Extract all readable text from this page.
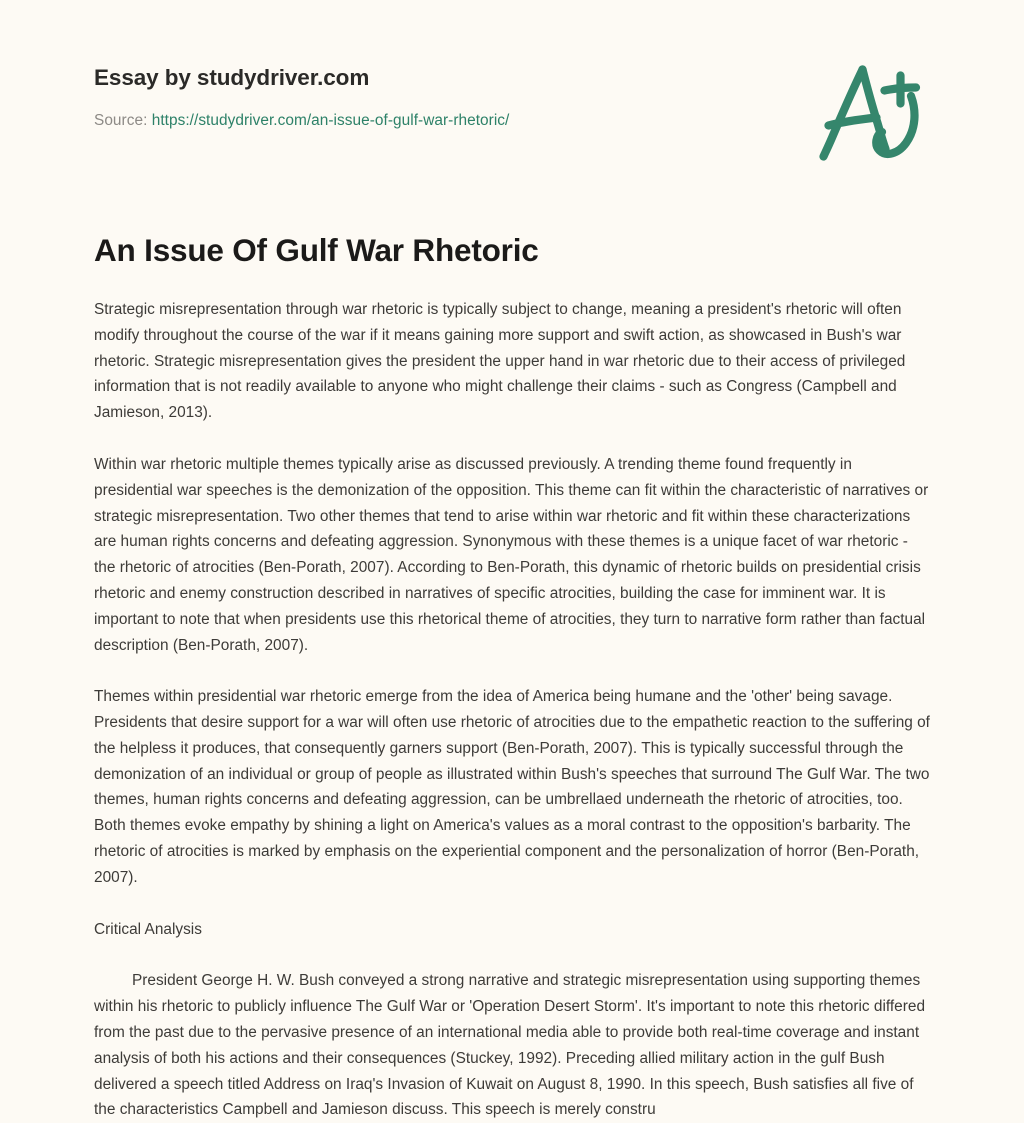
Essay by studydriver.com
Source: https://studydriver.com/an-issue-of-gulf-war-rhetoric/
An Issue Of Gulf War Rhetoric

Strategic misrepresentation through war rhetoric is typically subject to change, meaning a president's rhetoric will often modify throughout the course of the war if it means gaining more support and swift action, as showcased in Bush's war rhetoric. Strategic misrepresentation gives the president the upper hand in war rhetoric due to their access of privileged information that is not readily available to anyone who might challenge their claims - such as Congress (Campbell and Jamieson, 2013).

Within war rhetoric multiple themes typically arise as discussed previously. A trending theme found frequently in presidential war speeches is the demonization of the opposition. This theme can fit within the characteristic of narratives or strategic misrepresentation. Two other themes that tend to arise within war rhetoric and fit within these characterizations are human rights concerns and defeating aggression. Synonymous with these themes is a unique facet of war rhetoric - the rhetoric of atrocities (Ben-Porath, 2007). According to Ben-Porath, this dynamic of rhetoric builds on presidential crisis rhetoric and enemy construction described in narratives of specific atrocities, building the case for imminent war. It is important to note that when presidents use this rhetorical theme of atrocities, they turn to narrative form rather than factual description (Ben-Porath, 2007).

Themes within presidential war rhetoric emerge from the idea of America being humane and the 'other' being savage. Presidents that desire support for a war will often use rhetoric of atrocities due to the empathetic reaction to the suffering of the helpless it produces, that consequently garners support (Ben-Porath, 2007). This is typically successful through the demonization of an individual or group of people as illustrated within Bush's speeches that surround The Gulf War. The two themes, human rights concerns and defeating aggression, can be umbrellaed underneath the rhetoric of atrocities, too. Both themes evoke empathy by shining a light on America's values as a moral contrast to the opposition's barbarity. The rhetoric of atrocities is marked by emphasis on the experiential component and the personalization of horror (Ben-Porath, 2007).

Critical Analysis

President George H. W. Bush conveyed a strong narrative and strategic misrepresentation using supporting themes within his rhetoric to publicly influence The Gulf War or 'Operation Desert Storm'. It's important to note this rhetoric differed from the past due to the pervasive presence of an international media able to provide both real-time coverage and instant analysis of both his actions and their consequences (Stuckey, 1992). Preceding allied military action in the gulf Bush delivered a speech titled Address on Iraq's Invasion of Kuwait on August 8, 1990. In this speech, Bush satisfies all five of the characteristics Campbell and Jamieson discuss. This speech is merely constru
